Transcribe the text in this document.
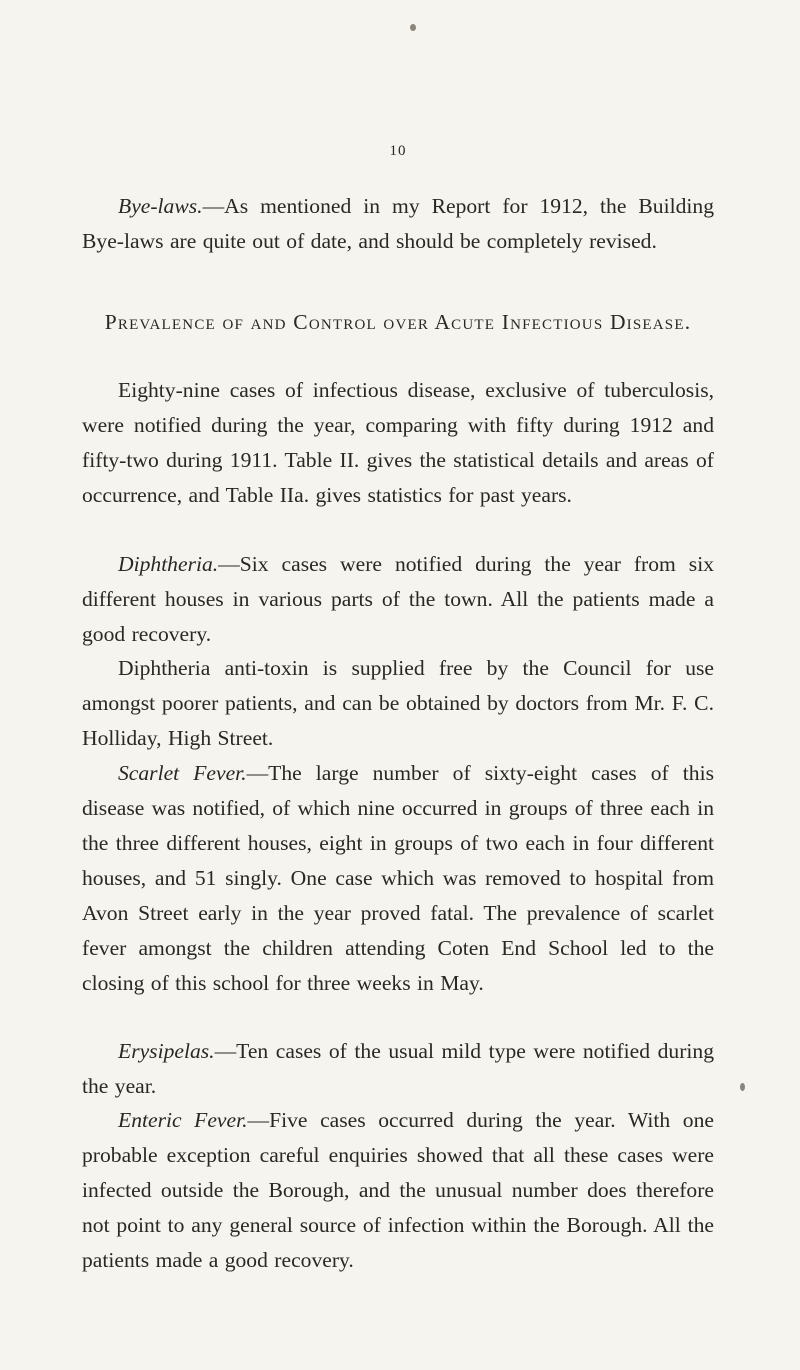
10

Bye-laws.—As mentioned in my Report for 1912, the Building Bye-laws are quite out of date, and should be completely revised.

Prevalence of and Control over Acute Infectious Disease.

Eighty-nine cases of infectious disease, exclusive of tuberculosis, were notified during the year, comparing with fifty during 1912 and fifty-two during 1911. Table II. gives the statistical details and areas of occurrence, and Table IIa. gives statistics for past years.

Diphtheria.—Six cases were notified during the year from six different houses in various parts of the town. All the patients made a good recovery.

Diphtheria anti-toxin is supplied free by the Council for use amongst poorer patients, and can be obtained by doctors from Mr. F. C. Holliday, High Street.

Scarlet Fever.—The large number of sixty-eight cases of this disease was notified, of which nine occurred in groups of three each in the three different houses, eight in groups of two each in four different houses, and 51 singly. One case which was removed to hospital from Avon Street early in the year proved fatal. The prevalence of scarlet fever amongst the children attending Coten End School led to the closing of this school for three weeks in May.

Erysipelas.—Ten cases of the usual mild type were notified during the year.

Enteric Fever.—Five cases occurred during the year. With one probable exception careful enquiries showed that all these cases were infected outside the Borough, and the unusual number does therefore not point to any general source of infection within the Borough. All the patients made a good recovery.
